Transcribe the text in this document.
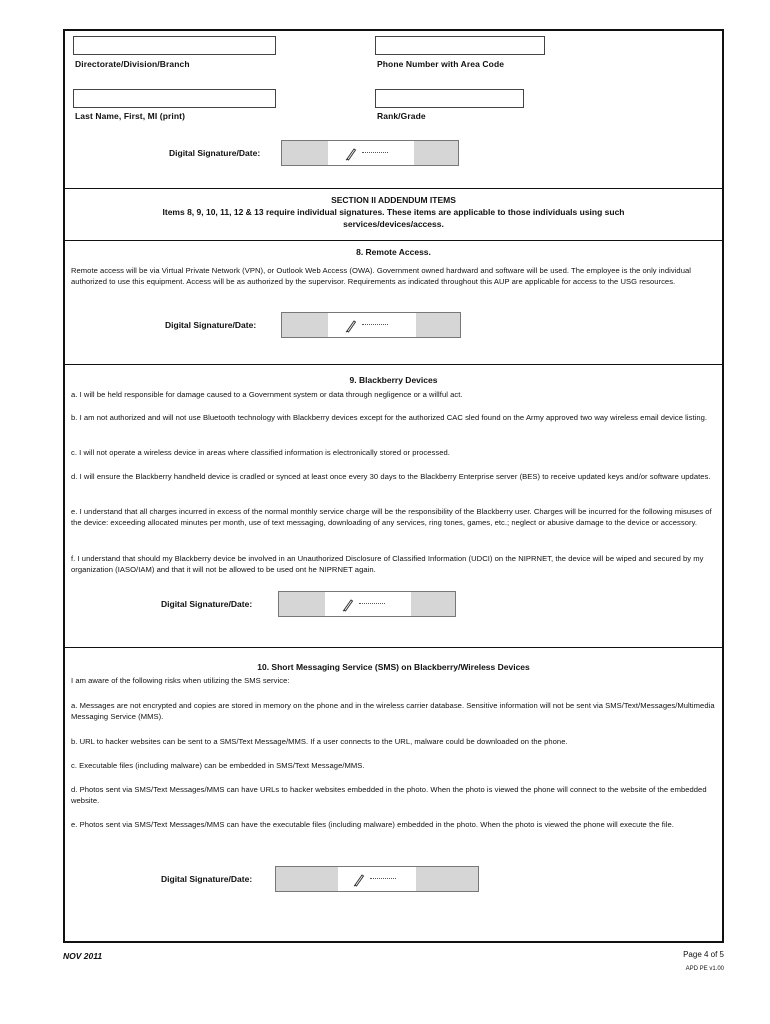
Directorate/Division/Branch	Phone Number with Area Code
Last Name, First, MI (print)	Rank/Grade
Digital Signature/Date:
SECTION II ADDENDUM ITEMS
Items 8, 9, 10, 11, 12 & 13 require individual signatures. These items are applicable to those individuals using such
services/devices/access.
8. Remote Access.
Remote access will be via Virtual Private Network (VPN), or Outlook Web Access (OWA). Government owned hardward and software will be used. The employee is the only individual authorized to use this equipment. Access will be as authorized by the supervisor. Requirements as indicated throughout this AUP are applicable for access to the USG resources.
Digital Signature/Date:
9. Blackberry Devices
a. I will be held responsible for damage caused to a Government system or data through negligence or a willful act.
b. I am not authorized and will not use Bluetooth technology with Blackberry devices except for the authorized CAC sled found on the Army approved two way wireless email device listing.
c. I will not operate a wireless device in areas where classified information is electronically stored or processed.
d. I will ensure the Blackberry handheld device is cradled or synced at least once every 30 days to the Blackberry Enterprise server (BES) to receive updated keys and/or software updates.
e. I understand that all charges incurred in excess of the normal monthly service charge will be the responsibility of the Blackberry user. Charges will be incurred for the following misuses of the device: exceeding allocated minutes per month, use of text messaging, downloading of any services, ring tones, games, etc.; neglect or abusive damage to the device or accessory.
f. I understand that should my Blackberry device be involved in an Unauthorized Disclosure of Classified Information (UDCI) on the NIPRNET, the device will be wiped and secured by my organization (IASO/IAM) and that it will not be allowed to be used ont he NIPRNET again.
Digital Signature/Date:
10. Short Messaging Service (SMS) on Blackberry/Wireless Devices
I am aware of the following risks when utilizing the SMS service:
a. Messages are not encrypted and copies are stored in memory on the phone and in the wireless carrier database. Sensitive information will not be sent via SMS/Text/Messages/Multimedia Messaging Service (MMS).
b. URL to hacker websites can be sent to a SMS/Text Message/MMS. If a user connects to the URL, malware could be downloaded on the phone.
c. Executable files (including malware) can be embedded in SMS/Text Message/MMS.
d. Photos sent via SMS/Text Messages/MMS can have URLs to hacker websites embedded in the photo. When the photo is viewed the phone will connect to the website of the embedded website.
e. Photos sent via SMS/Text Messages/MMS can have the executable files (including malware) embedded in the photo. When the photo is viewed the phone will execute the file.
Digital Signature/Date:
NOV 2011	Page 4 of 5
APD PE v1.00
